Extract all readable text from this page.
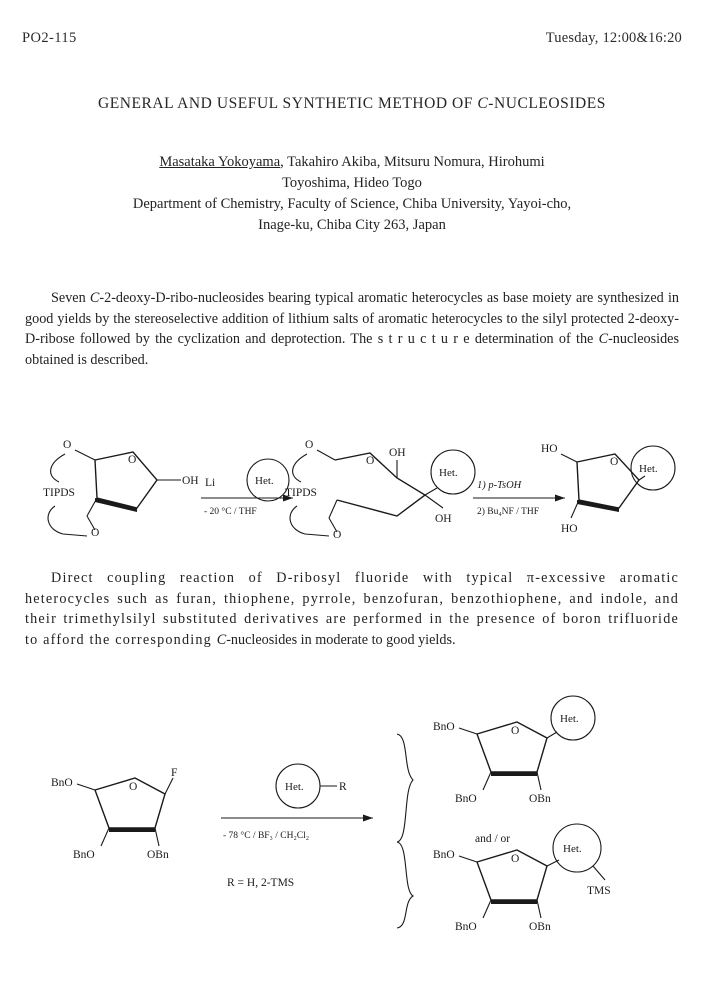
PO2-115	Tuesday, 12:00&16:20
GENERAL AND USEFUL SYNTHETIC METHOD OF C-NUCLEOSIDES
Masataka Yokoyama, Takahiro Akiba, Mitsuru Nomura, Hirohumi
Toyoshima, Hideo Togo
Department of Chemistry, Faculty of Science, Chiba University, Yayoi-cho,
Inage-ku, Chiba City 263, Japan
Seven C-2-deoxy-D-ribo-nucleosides bearing typical aromatic heterocycles as base moiety are synthesized in good yields by the stereoselective addition of lithium salts of aromatic heterocycles to the silyl protected 2-deoxy-D-ribose followed by the cyclization and deprotection. The s t r u c t u r e determination of the C-nucleosides obtained is described.
O
OH
O
TIPDS
O
Li	Het.
- 20 °C / THF
OH
OH
O
Het.
O
TIPDS
O
1) p-TsOH
2) Bu₄NF / THF
O
HO
HO
Het.
Direct coupling reaction of D-ribosyl fluoride with typical π-excessive aromatic heterocycles such as furan, thiophene, pyrrole, benzofuran, benzothiophene, and indole, and their trimethylsilyl substituted derivatives are performed in the presence of boron trifluoride to afford the corresponding C-nucleosides in moderate to good yields.
O
F
BnO
BnO	OBn
Het.	R
- 78 °C / BF₃ / CH₂Cl₂
R = H, 2-TMS
O
BnO
BnO	OBn
Het.
and / or
O
BnO
BnO	OBn
Het.
TMS
